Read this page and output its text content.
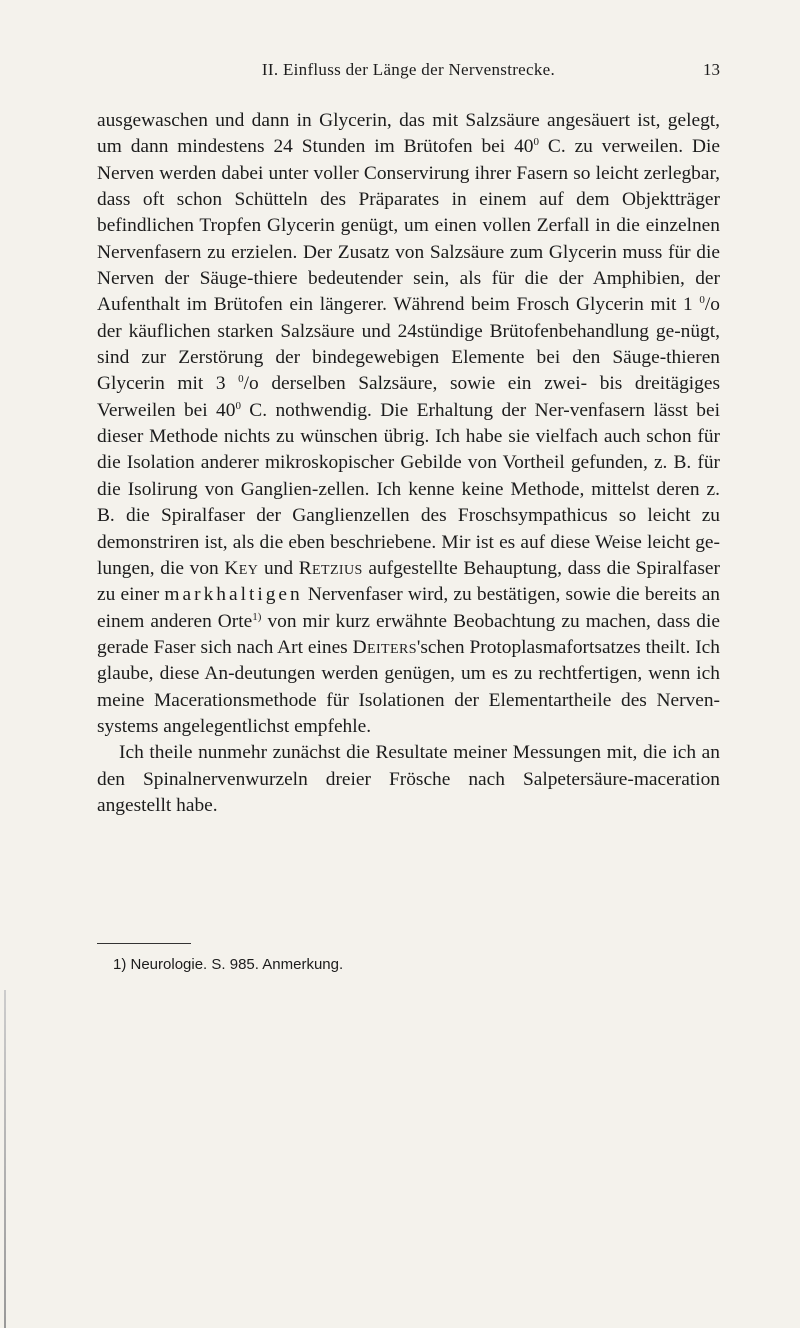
II. Einfluss der Länge der Nervenstrecke.	13

ausgewaschen und dann in Glycerin, das mit Salzsäure angesäuert ist, gelegt, um dann mindestens 24 Stunden im Brütofen bei $40^0$ C. zu verweilen. Die Nerven werden dabei unter voller Conservirung ihrer Fasern so leicht zerlegbar, dass oft schon Schütteln des Präparates in einem auf dem Objektträger befindlichen Tropfen Glycerin genügt, um einen vollen Zerfall in die einzelnen Nervenfasern zu erzielen. Der Zusatz von Salzsäure zum Glycerin muss für die Nerven der Säuge-thiere bedeutender sein, als für die der Amphibien, der Aufenthalt im Brütofen ein längerer. Während beim Frosch Glycerin mit 1 $^0$/o der käuflichen starken Salzsäure und 24stündige Brütofenbehandlung ge-nügt, sind zur Zerstörung der bindegewebigen Elemente bei den Säuge-thieren Glycerin mit 3 $^0$/o derselben Salzsäure, sowie ein zwei- bis dreitägiges Verweilen bei $40^0$ C. nothwendig. Die Erhaltung der Ner-venfasern lässt bei dieser Methode nichts zu wünschen übrig. Ich habe sie vielfach auch schon für die Isolation anderer mikroskopischer Gebilde von Vortheil gefunden, z. B. für die Isolirung von Ganglien-zellen. Ich kenne keine Methode, mittelst deren z. B. die Spiralfaser der Ganglienzellen des Froschsympathicus so leicht zu demonstriren ist, als die eben beschriebene. Mir ist es auf diese Weise leicht ge-lungen, die von Key und Retzius aufgestellte Behauptung, dass die Spiralfaser zu einer markhaltigen Nervenfaser wird, zu bestätigen, sowie die bereits an einem anderen Orte$^{1)}$ von mir kurz erwähnte Beobachtung zu machen, dass die gerade Faser sich nach Art eines Deiters'schen Protoplasmafortsatzes theilt. Ich glaube, diese An-deutungen werden genügen, um es zu rechtfertigen, wenn ich meine Macerationsmethode für Isolationen der Elementartheile des Nerven-systems angelegentlichst empfehle.

Ich theile nunmehr zunächst die Resultate meiner Messungen mit, die ich an den Spinalnervenwurzeln dreier Frösche nach Salpetersäure-maceration angestellt habe.

1) Neurologie. S. 985. Anmerkung.
